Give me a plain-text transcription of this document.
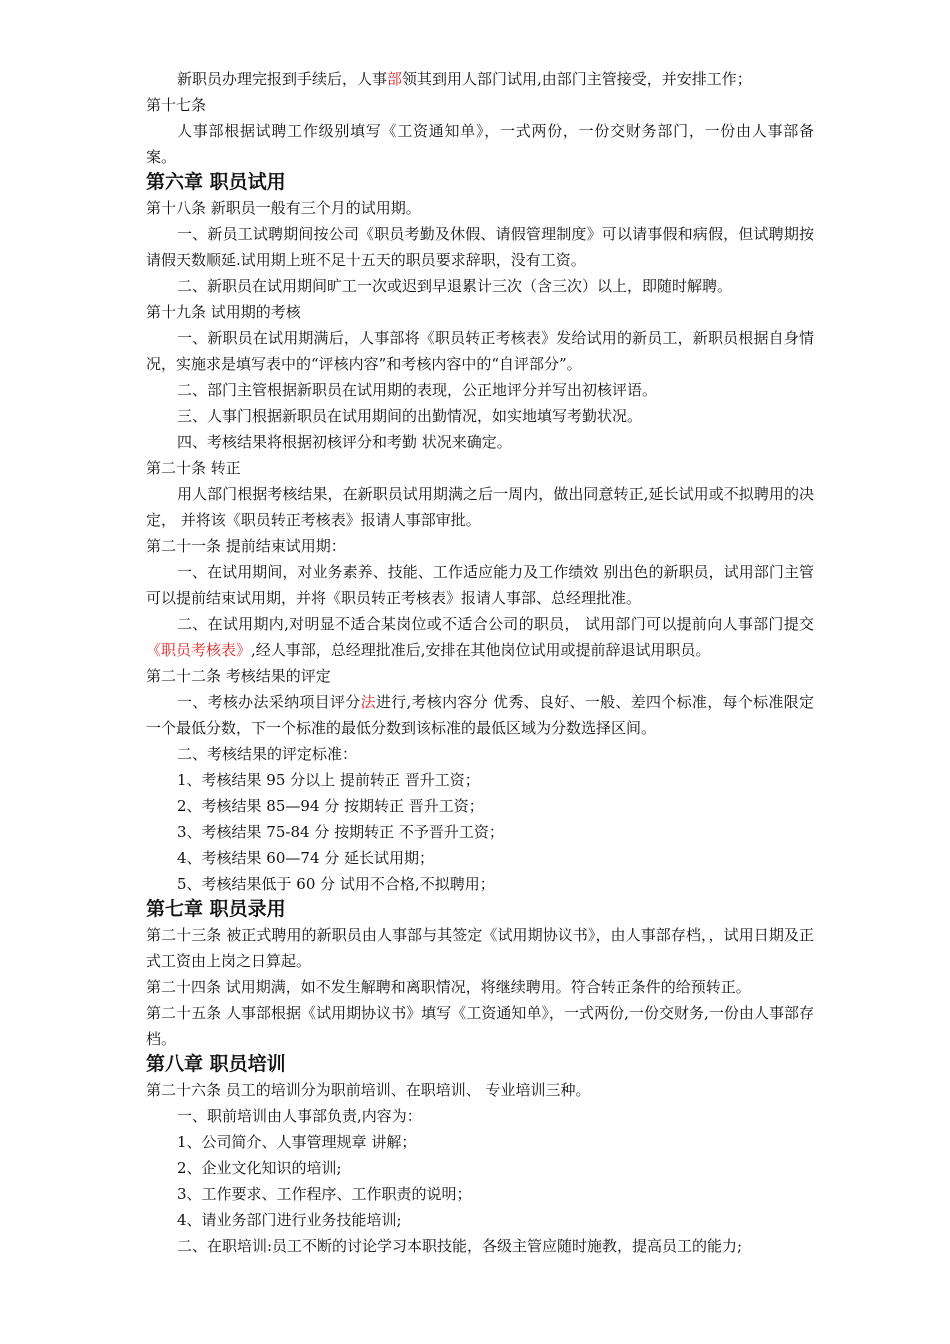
新职员办理完报到手续后，人事部领其到用人部门试用,由部门主管接受，并安排工作；

第十七条

人事部根据试聘工作级别填写《工资通知单》，一式两份，一份交财务部门，一份由人事部备案。

第六章 职员试用

第十八条 新职员一般有三个月的试用期。

一、新员工试聘期间按公司《职员考勤及休假、请假管理制度》可以请事假和病假，但试聘期按请假天数顺延.试用期上班不足十五天的职员要求辞职，没有工资。

二、新职员在试用期间旷工一次或迟到早退累计三次（含三次）以上，即随时解聘。

第十九条 试用期的考核

一、新职员在试用期满后，人事部将《职员转正考核表》发给试用的新员工，新职员根据自身情况，实施求是填写表中的“评核内容”和考核内容中的“自评部分”。

二、部门主管根据新职员在试用期的表现，公正地评分并写出初核评语。

三、人事门根据新职员在试用期间的出勤情况，如实地填写考勤状况。

四、考核结果将根据初核评分和考勤 状况来确定。

第二十条 转正

用人部门根据考核结果，在新职员试用期满之后一周内，做出同意转正,延长试用或不拟聘用的决定， 并将该《职员转正考核表》报请人事部审批。

第二十一条 提前结束试用期：

一、在试用期间，对业务素养、技能、工作适应能力及工作绩效 别出色的新职员，试用部门主管可以提前结束试用期，并将《职员转正考核表》报请人事部、总经理批准。

二、在试用期内,对明显不适合某岗位或不适合公司的职员， 试用部门可以提前向人事部门提交《职员考核表》,经人事部，总经理批准后,安排在其他岗位试用或提前辞退试用职员。

第二十二条 考核结果的评定

一、考核办法采纳项目评分法进行,考核内容分 优秀、良好、一般、差四个标准，每个标准限定一个最低分数，下一个标准的最低分数到该标准的最低区域为分数选择区间。

二、考核结果的评定标准：

1、考核结果 95 分以上 提前转正 晋升工资；

2、考核结果 85—94 分 按期转正 晋升工资；

3、考核结果 75-84 分 按期转正 不予晋升工资；

4、考核结果 60—74 分 延长试用期；

5、考核结果低于 60 分 试用不合格,不拟聘用；

第七章 职员录用

第二十三条 被正式聘用的新职员由人事部与其签定《试用期协议书》，由人事部存档，，试用日期及正式工资由上岗之日算起。

第二十四条 试用期满，如不发生解聘和离职情况，将继续聘用。符合转正条件的给预转正。

第二十五条 人事部根据《试用期协议书》填写《工资通知单》，一式两份,一份交财务,一份由人事部存档。

第八章 职员培训

第二十六条 员工的培训分为职前培训、在职培训、 专业培训三种。

一、职前培训由人事部负责,内容为：

1、公司简介、人事管理规章 讲解；

2、企业文化知识的培训;

3、工作要求、工作程序、工作职责的说明；

4、请业务部门进行业务技能培训;

二、在职培训:员工不断的讨论学习本职技能，各级主管应随时施教，提高员工的能力;
